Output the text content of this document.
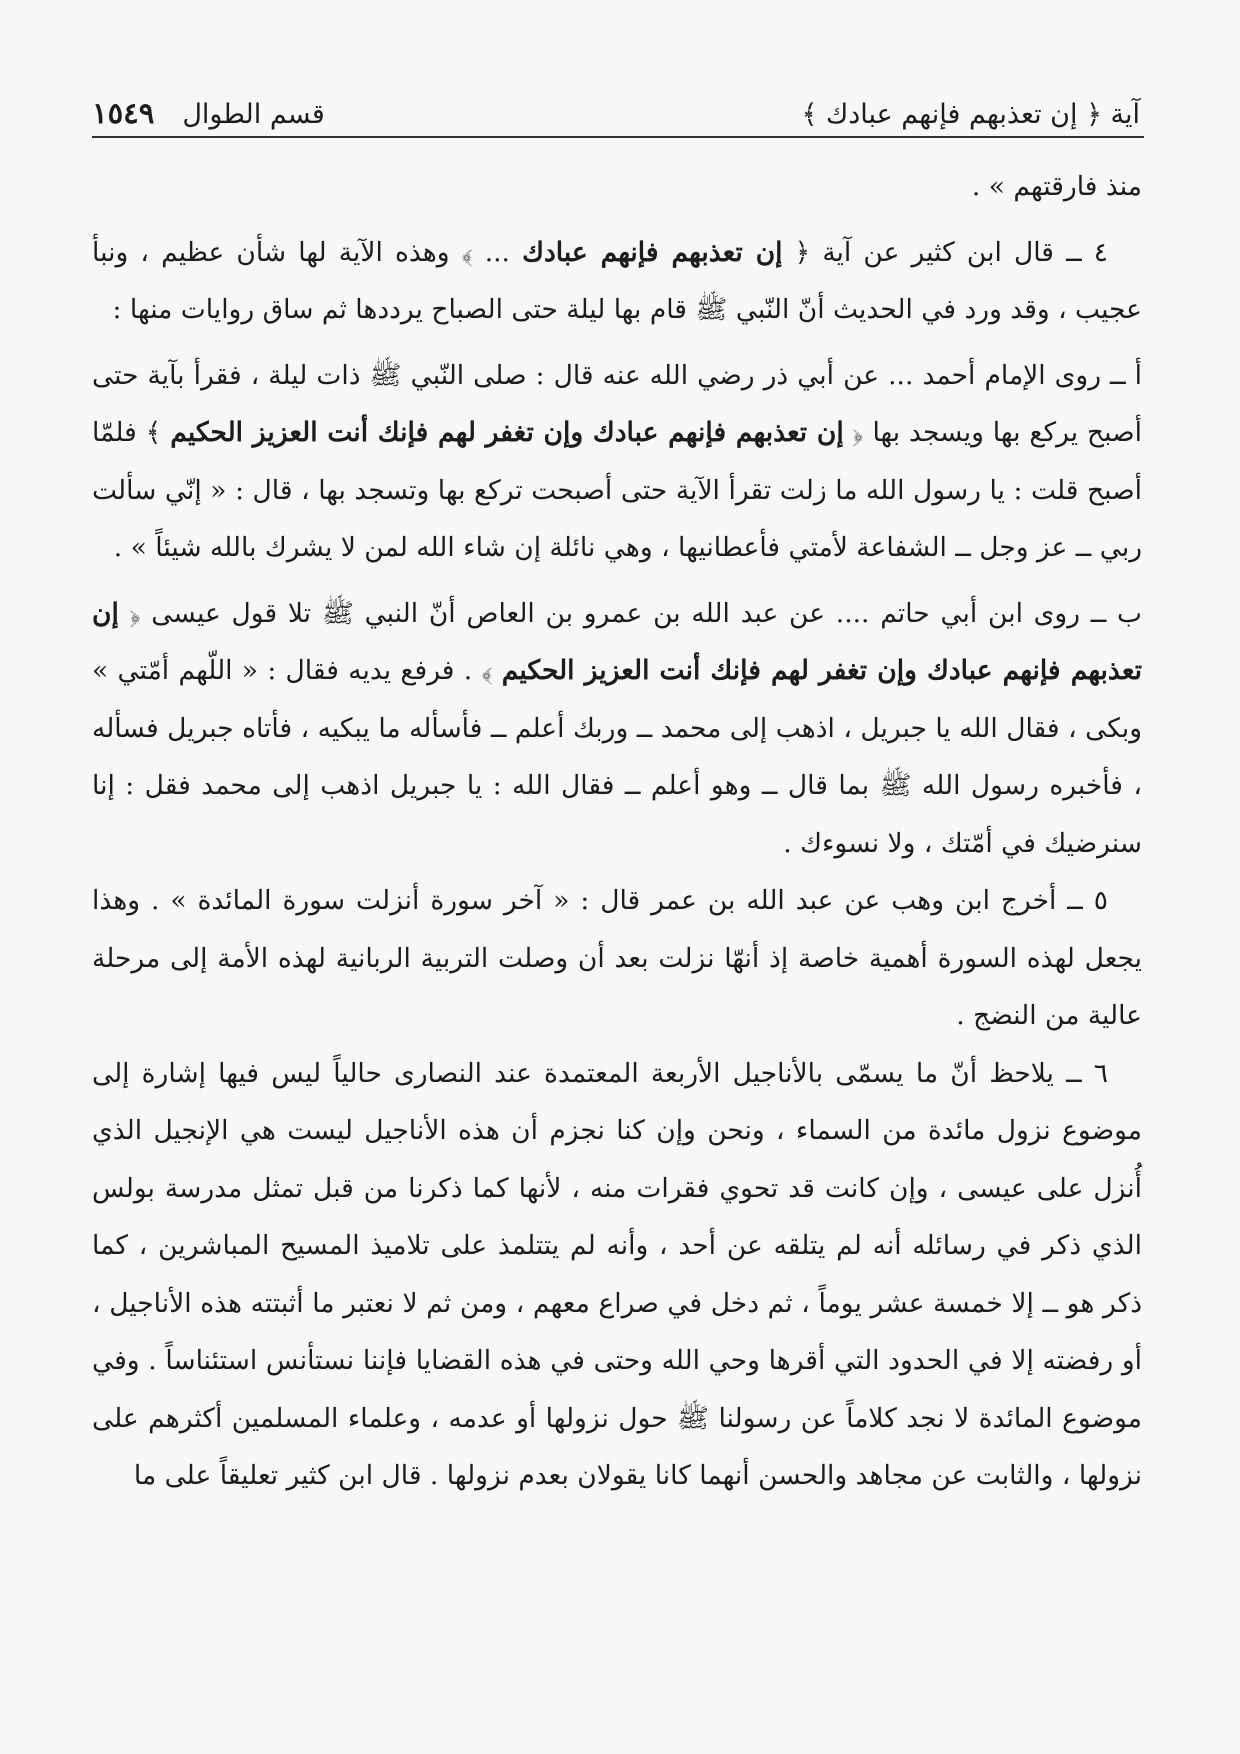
آية ﴿ إن تعذبهم فإنهم عبادك ﴾
قسم الطوال
١٥٤٩

منذ فارقتهم » .

٤ ــ قال ابن كثير عن آية ﴿ إن تعذبهم فإنهم عبادك ... ﴾ وهذه الآية لها شأن عظيم ، ونبأ عجيب ، وقد ورد في الحديث أنّ النّبي ﷺ قام بها ليلة حتى الصباح يرددها ثم ساق روايات منها :

أ ــ روى الإمام أحمد ... عن أبي ذر رضي الله عنه قال : صلى النّبي ﷺ ذات ليلة ، فقرأ بآية حتى أصبح يركع بها ويسجد بها ﴿ إن تعذبهم فإنهم عبادك وإن تغفر لهم فإنك أنت العزيز الحكيم ﴾ فلمّا أصبح قلت : يا رسول الله ما زلت تقرأ الآية حتى أصبحت تركع بها وتسجد بها ، قال : « إنّي سألت ربي ــ عز وجل ــ الشفاعة لأمتي فأعطانيها ، وهي نائلة إن شاء الله لمن لا يشرك بالله شيئاً » .

ب ــ روى ابن أبي حاتم .... عن عبد الله بن عمرو بن العاص أنّ النبي ﷺ تلا قول عيسى ﴿ إن تعذبهم فإنهم عبادك وإن تغفر لهم فإنك أنت العزيز الحكيم ﴾ . فرفع يديه فقال : « اللّهم أمّتي » وبكى ، فقال الله يا جبريل ، اذهب إلى محمد ــ وربك أعلم ــ فأسأله ما يبكيه ، فأتاه جبريل فسأله ، فأخبره رسول الله ﷺ بما قال ــ وهو أعلم ــ فقال الله : يا جبريل اذهب إلى محمد فقل : إنا سنرضيك في أمّتك ، ولا نسوءك .

٥ ــ أخرج ابن وهب عن عبد الله بن عمر قال : « آخر سورة أنزلت سورة المائدة » . وهذا يجعل لهذه السورة أهمية خاصة إذ أنهّا نزلت بعد أن وصلت التربية الربانية لهذه الأمة إلى مرحلة عالية من النضج .

٦ ــ يلاحظ أنّ ما يسمّى بالأناجيل الأربعة المعتمدة عند النصارى حالياً ليس فيها إشارة إلى موضوع نزول مائدة من السماء ، ونحن وإن كنا نجزم أن هذه الأناجيل ليست هي الإنجيل الذي أُنزل على عيسى ، وإن كانت قد تحوي فقرات منه ، لأنها كما ذكرنا من قبل تمثل مدرسة بولس الذي ذكر في رسائله أنه لم يتلقه عن أحد ، وأنه لم يتتلمذ على تلاميذ المسيح المباشرين ، كما ذكر هو ــ إلا خمسة عشر يوماً ، ثم دخل في صراع معهم ، ومن ثم لا نعتبر ما أثبتته هذه الأناجيل ، أو رفضته إلا في الحدود التي أقرها وحي الله وحتى في هذه القضايا فإننا نستأنس استئناساً . وفي موضوع المائدة لا نجد كلاماً عن رسولنا ﷺ حول نزولها أو عدمه ، وعلماء المسلمين أكثرهم على نزولها ، والثابت عن مجاهد والحسن أنهما كانا يقولان بعدم نزولها . قال ابن كثير تعليقاً على ما
